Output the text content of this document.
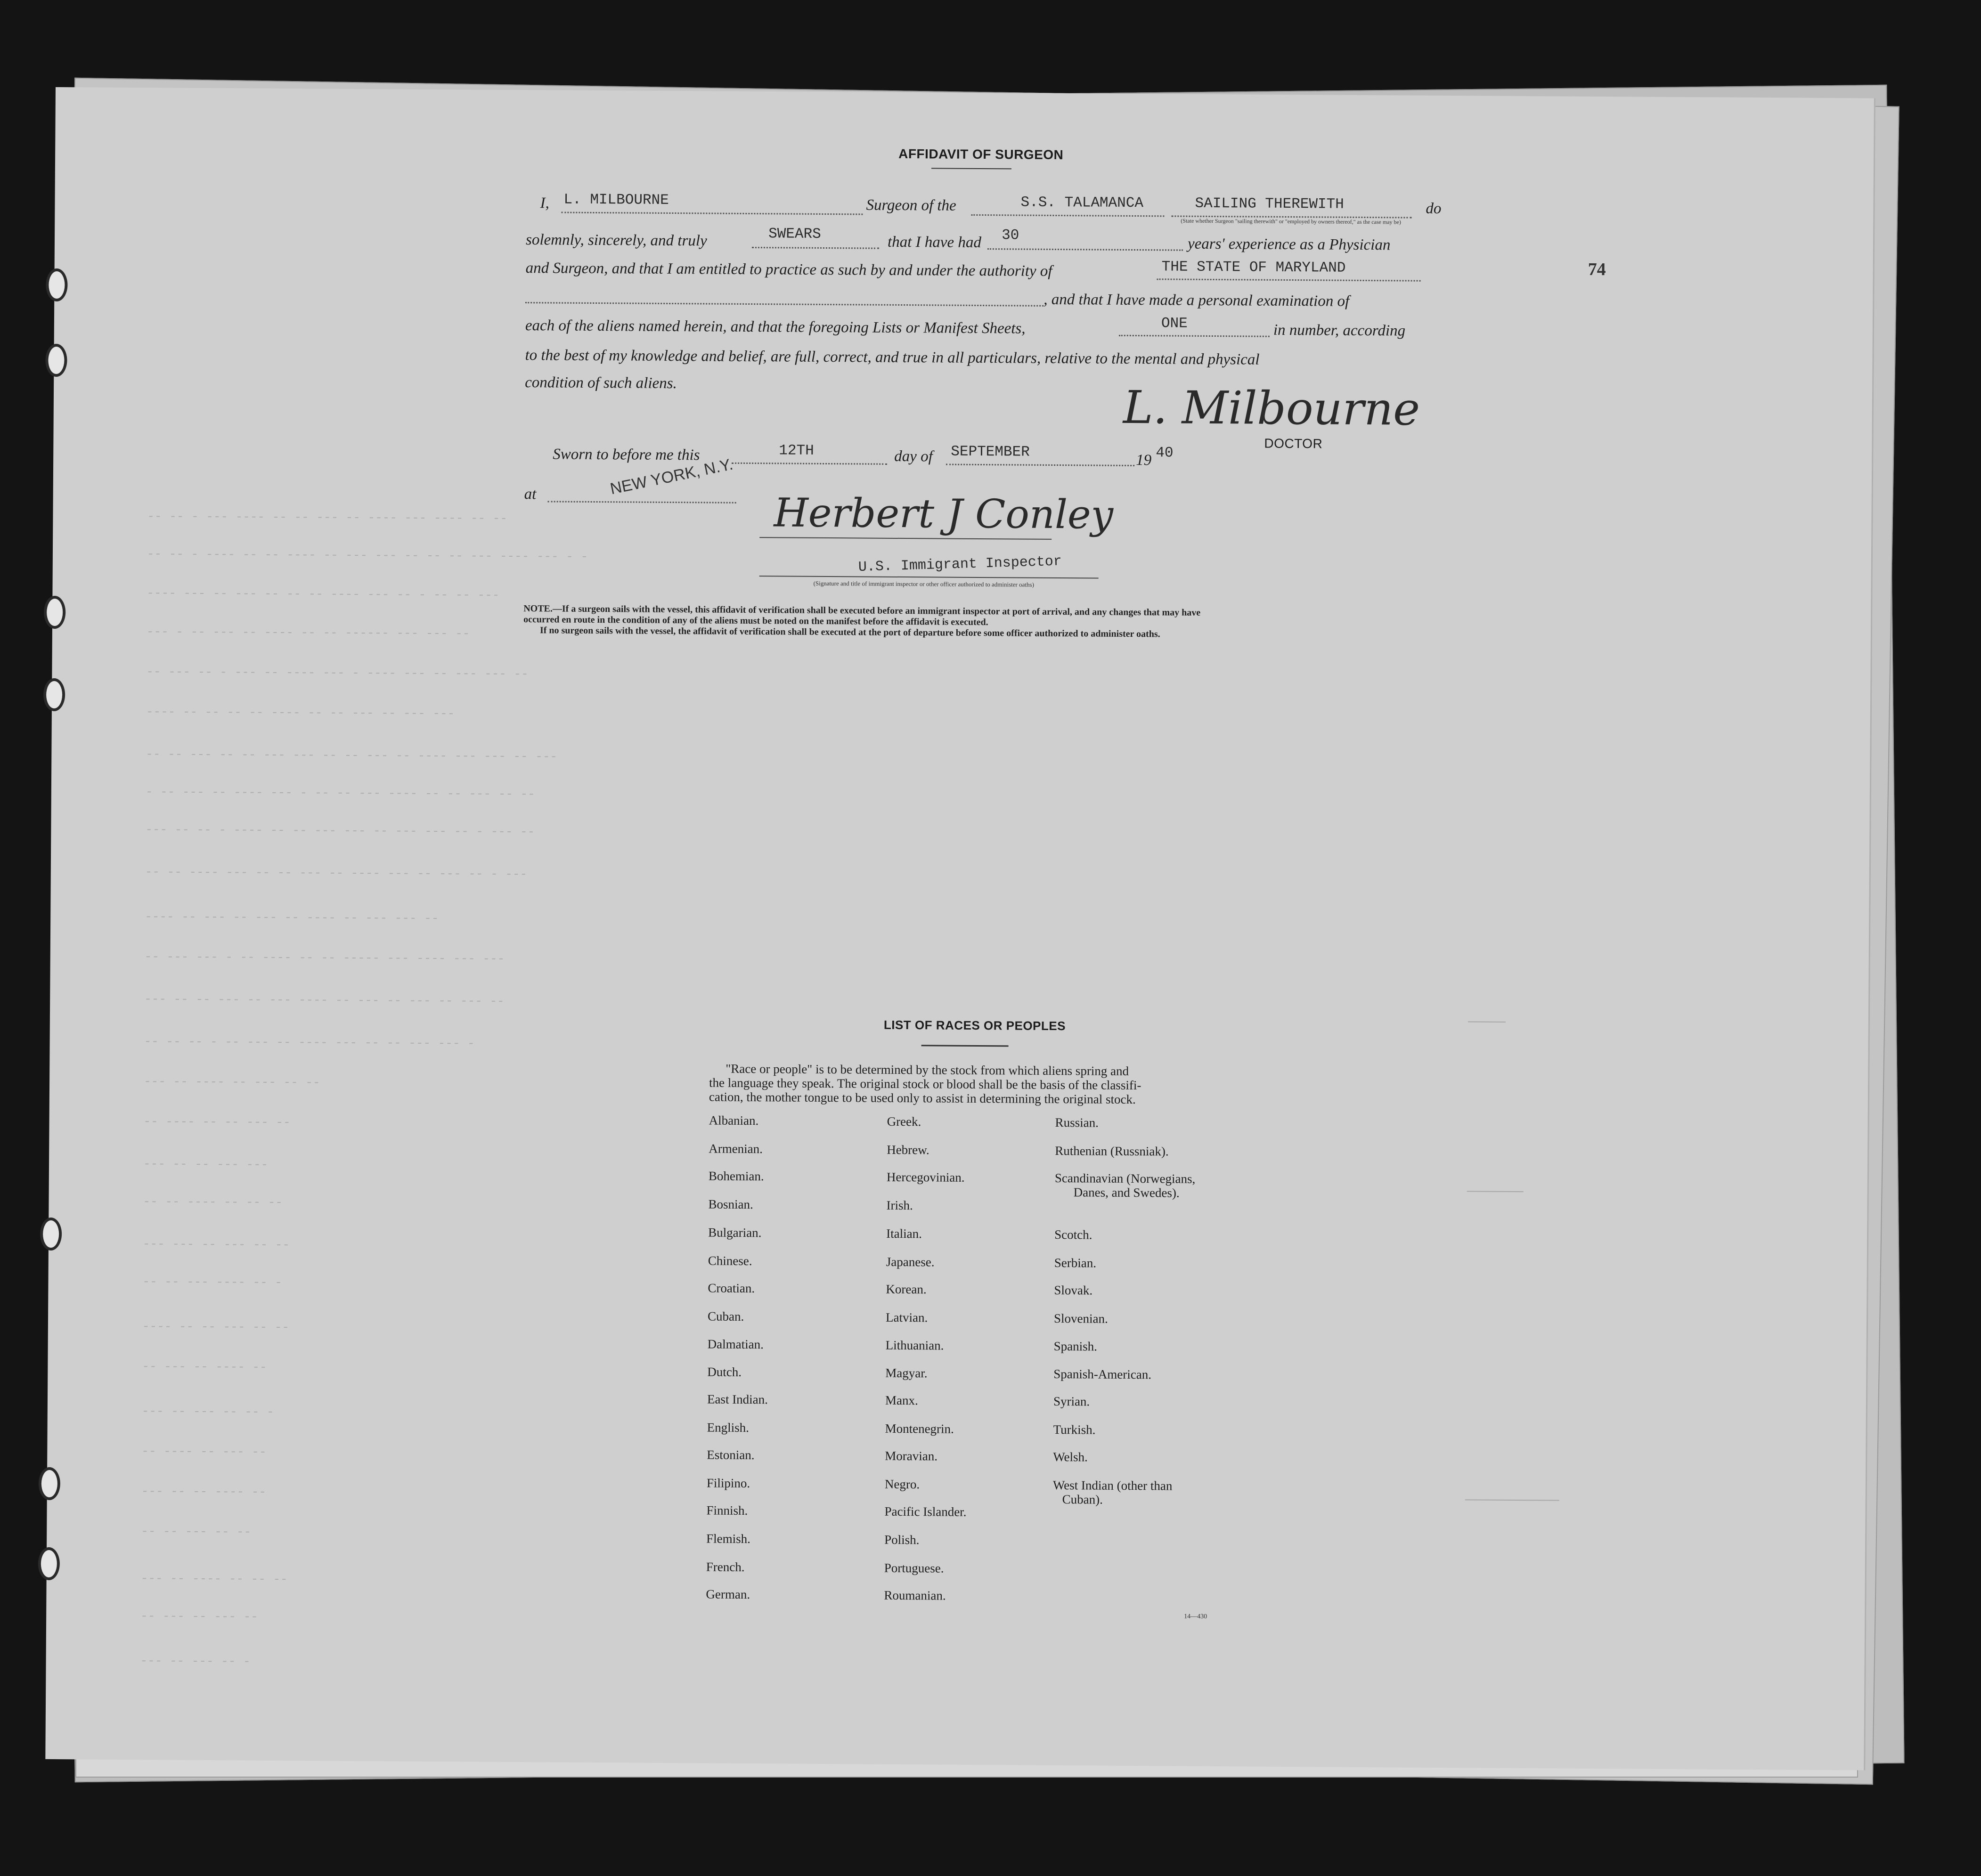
-- -- - --- ---- -- -- --- -- ---- --- ---- -- --
-- -- - ---- -- -- ---- -- --- --- -- -- -- --- ---- --- - -
---- --- -- --- -- -- -- ---- --- -- - -- -- ---
--- - -- --- -- ---- -- -- ------ --- --- --
-- --- -- - --- -- ---- --- - ---- --- -- --- --- --
---- -- -- -- -- ---- -- -- --- -- --- ---
-- -- --- -- -- --- --- -- -- --- -- ---- --- --- -- ---
- -- --- -- ---- --- - -- -- --- ---- -- -- --- -- --
--- -- -- - ---- -- -- --- --- -- --- --- -- - --- --
-- -- ---- --- -- -- --- -- ---- --- -- --- -- - ---
---- -- --- -- --- -- ---- -- --- --- --
-- --- --- - -- ---- -- -- ----- --- ---- --- ---
--- -- -- --- -- --- ---- -- --- -- --- -- --- --
-- -- -- - -- --- -- ---- --- -- -- --- --- -
--- -- ---- -- --- -- --
-- ---- -- -- --- --
--- -- -- --- ---
-- -- ---- -- -- --
--- --- -- --- -- --
-- -- --- ---- -- -
---- -- -- --- -- --
-- --- -- ---- --
--- -- --- -- -- -
-- ---- -- --- --
--- -- -- ---- --
-- -- --- -- --
--- -- ---- -- -- --
-- --- -- --- --
--- -- --- -- -
AFFIDAVIT OF SURGEON
74
I, L. MILBOURNE	Surgeon of the	S.S. TALAMANCA	SAILING THEREWITH	do
(State whether Surgeon "sailing therewith" or "employed by owners thereof," as the case may be)
solemnly, sincerely, and truly	SWEARS	that I have had 30	years' experience as a Physician
and Surgeon, and that I am entitled to practice as such by and under the authority of	THE STATE OF MARYLAND
, and that I have made a personal examination of
each of the aliens named herein, and that the foregoing Lists or Manifest Sheets,	ONE	in number, according
to the best of my knowledge and belief, are full, correct, and true in all particulars, relative to the mental and physical
condition of such aliens.	L. Milbourne
DOCTOR
Sworn to before me this	12TH	day of SEPTEMBER	19 40
at	NEW YORK, N.Y.
Herbert J Conley
U.S. Immigrant Inspector
(Signature and title of immigrant inspector or other officer authorized to administer oaths)
NOTE.—If a surgeon sails with the vessel, this affidavit of verification shall be executed before an immigrant inspector at port of arrival, and any changes that may have
occurred en route in the condition of any of the aliens must be noted on the manifest before the affidavit is executed.
If no surgeon sails with the vessel, the affidavit of verification shall be executed at the port of departure before some officer authorized to administer oaths.
LIST OF RACES OR PEOPLES
"Race or people" is to be determined by the stock from which aliens spring and
the language they speak. The original stock or blood shall be the basis of the classifi-
cation, the mother tongue to be used only to assist in determining the original stock.
Albanian.
Armenian.
Bohemian.
Bosnian.
Bulgarian.
Chinese.
Croatian.
Cuban.
Dalmatian.
Dutch.
East Indian.
English.
Estonian.
Filipino.
Finnish.
Flemish.
French.
German.
Greek.
Hebrew.
Hercegovinian.
Irish.
Italian.
Japanese.
Korean.
Latvian.
Lithuanian.
Magyar.
Manx.
Montenegrin.
Moravian.
Negro.
Pacific Islander.
Polish.
Portuguese.
Roumanian.
Russian.
Ruthenian (Russniak).
Scandinavian (Norwegians,
Danes, and Swedes).
Scotch.
Serbian.
Slovak.
Slovenian.
Spanish.
Spanish-American.
Syrian.
Turkish.
Welsh.
West Indian (other than
Cuban).
14—430
